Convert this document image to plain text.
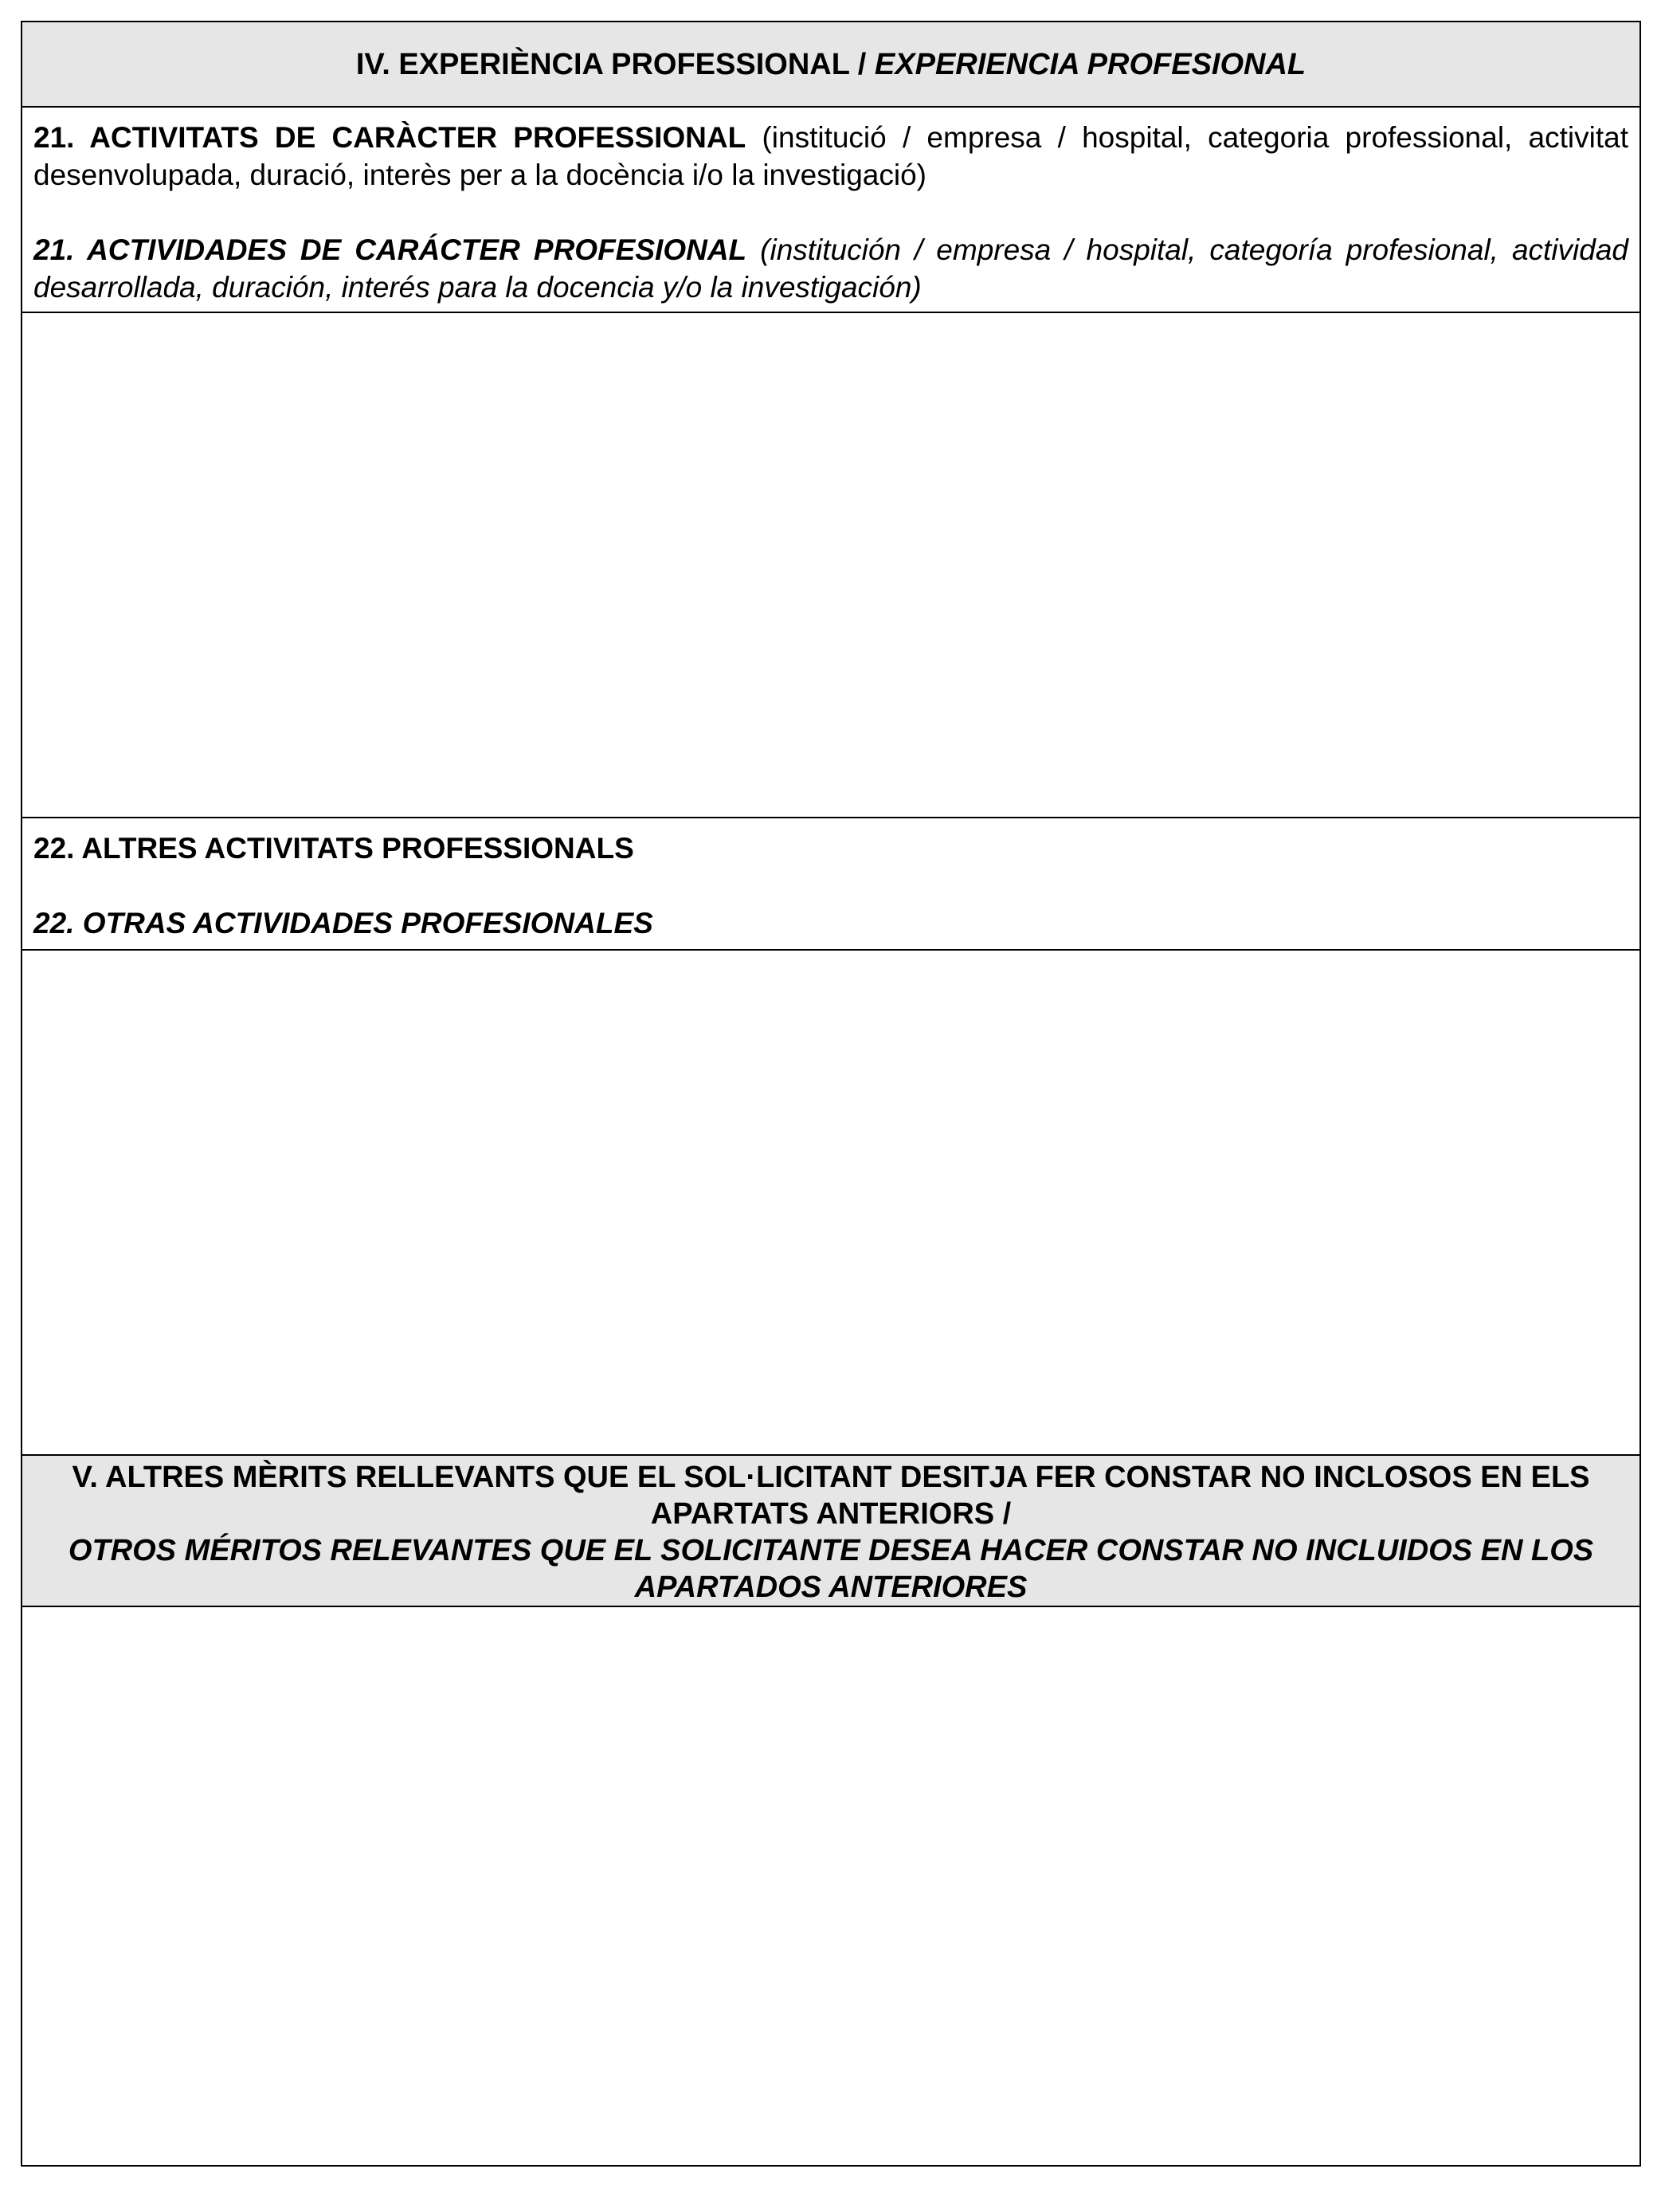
IV. EXPERIÈNCIA PROFESSIONAL / EXPERIENCIA PROFESIONAL

21. ACTIVITATS DE CARÀCTER PROFESSIONAL (institució / empresa / hospital, categoria professional, activitat desenvolupada, duració, interès per a la docència i/o la investigació)

21. ACTIVIDADES DE CARÁCTER PROFESIONAL (institución / empresa / hospital, categoría profesional, actividad desarrollada, duración, interés para la docencia y/o la investigación)

22. ALTRES ACTIVITATS PROFESSIONALS

22. OTRAS ACTIVIDADES PROFESIONALES

V. ALTRES MÈRITS RELLEVANTS QUE EL SOL·LICITANT DESITJA FER CONSTAR NO INCLOSOS EN ELS APARTATS ANTERIORS /
OTROS MÉRITOS RELEVANTES QUE EL SOLICITANTE DESEA HACER CONSTAR NO INCLUIDOS EN LOS APARTADOS ANTERIORES
